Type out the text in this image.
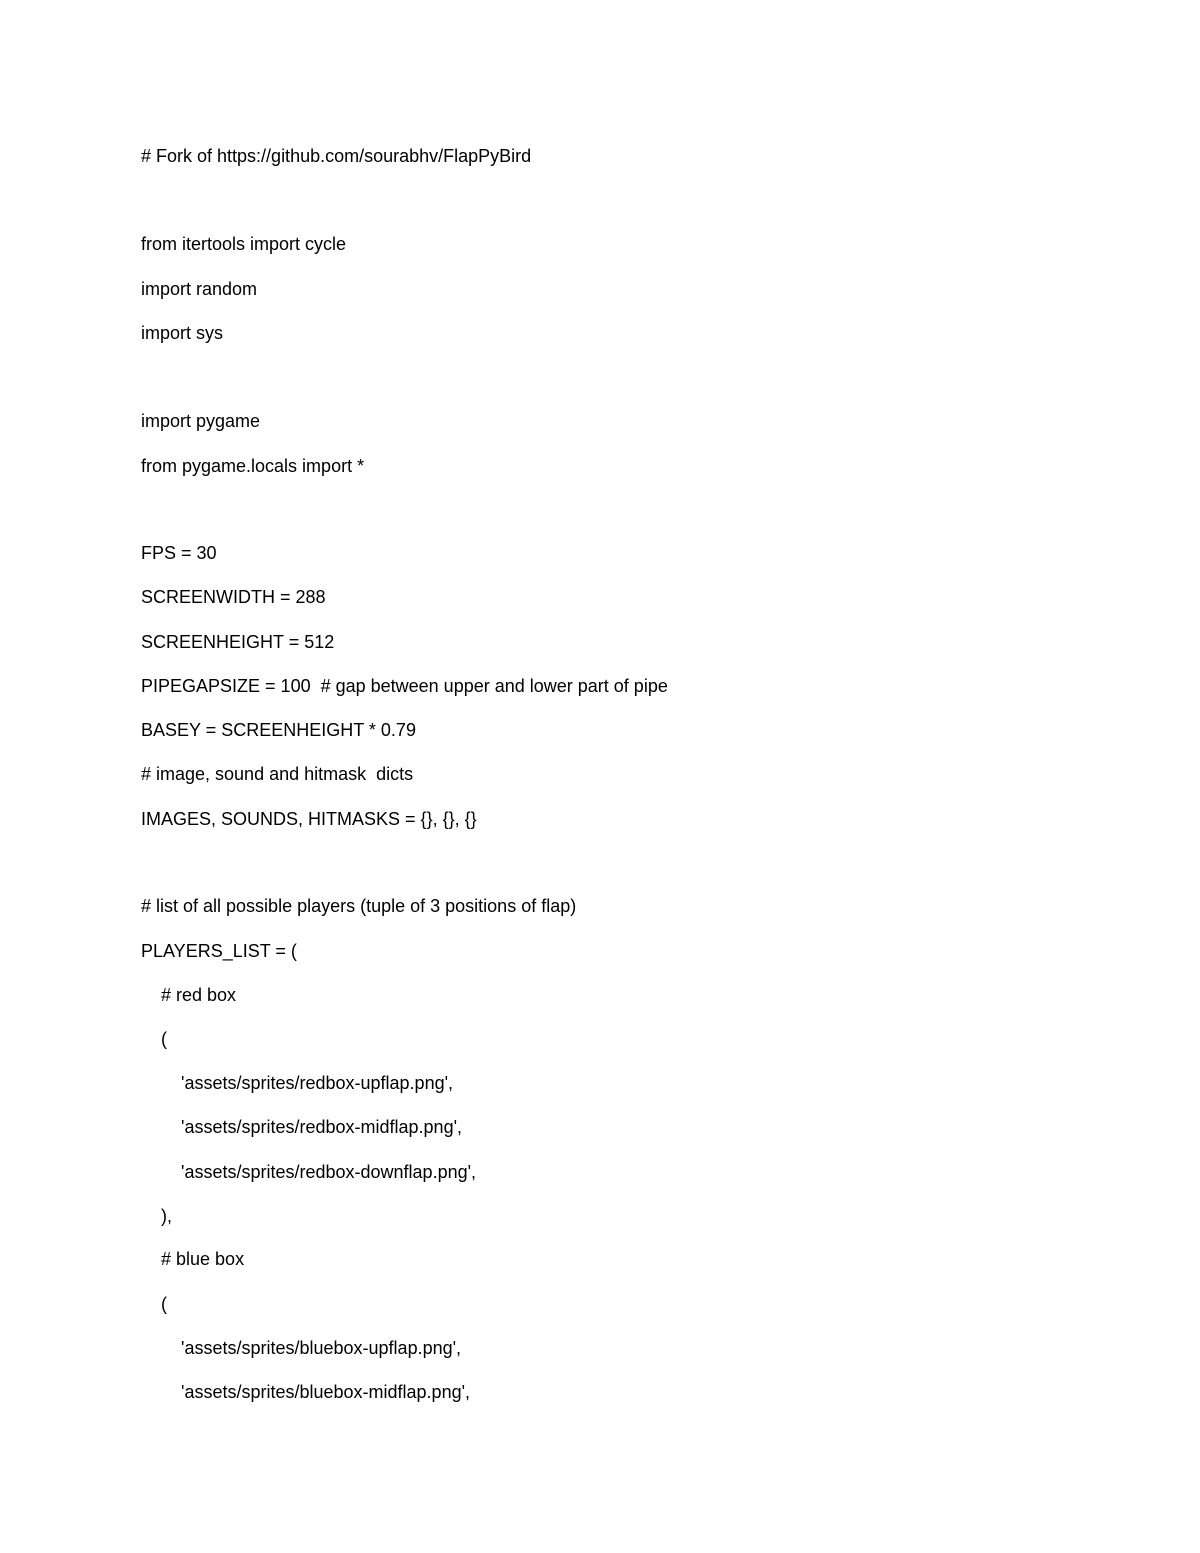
# Fork of https://github.com/sourabhv/FlapPyBird
from itertools import cycle
import random
import sys
import pygame
from pygame.locals import *
FPS = 30
SCREENWIDTH = 288
SCREENHEIGHT = 512
PIPEGAPSIZE = 100  # gap between upper and lower part of pipe
BASEY = SCREENHEIGHT * 0.79
# image, sound and hitmask  dicts
IMAGES, SOUNDS, HITMASKS = {}, {}, {}
# list of all possible players (tuple of 3 positions of flap)
PLAYERS_LIST = (
# red box
(
'assets/sprites/redbox-upflap.png',
'assets/sprites/redbox-midflap.png',
'assets/sprites/redbox-downflap.png',
),
# blue box
(
'assets/sprites/bluebox-upflap.png',
'assets/sprites/bluebox-midflap.png',
